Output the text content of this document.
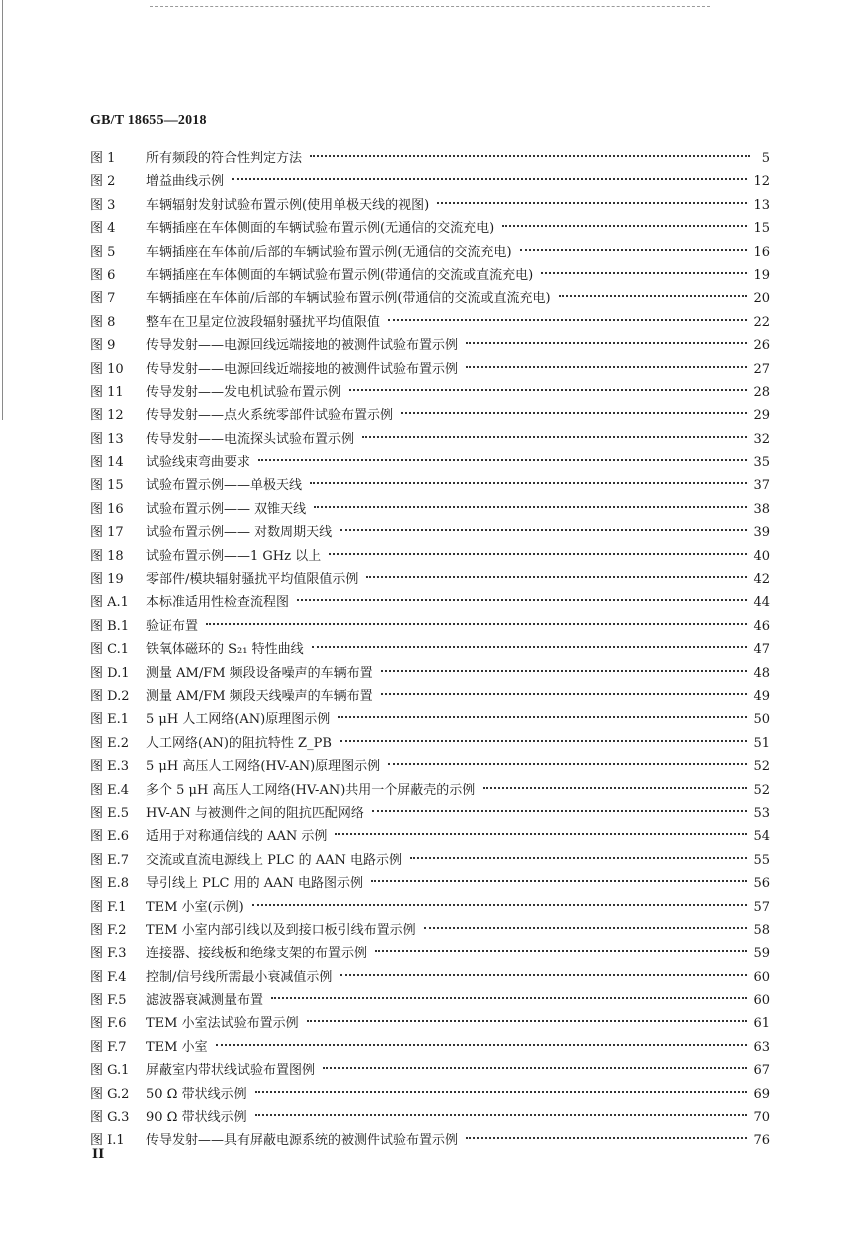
GB/T 18655—2018
图 1	所有频段的符合性判定方法	5
图 2	增益曲线示例	12
图 3	车辆辐射发射试验布置示例(使用单极天线的视图)	13
图 4	车辆插座在车体侧面的车辆试验布置示例(无通信的交流充电)	15
图 5	车辆插座在车体前/后部的车辆试验布置示例(无通信的交流充电)	16
图 6	车辆插座在车体侧面的车辆试验布置示例(带通信的交流或直流充电)	19
图 7	车辆插座在车体前/后部的车辆试验布置示例(带通信的交流或直流充电)	20
图 8	整车在卫星定位波段辐射骚扰平均值限值	22
图 9	传导发射——电源回线远端接地的被测件试验布置示例	26
图 10	传导发射——电源回线近端接地的被测件试验布置示例	27
图 11	传导发射——发电机试验布置示例	28
图 12	传导发射——点火系统零部件试验布置示例	29
图 13	传导发射——电流探头试验布置示例	32
图 14	试验线束弯曲要求	35
图 15	试验布置示例——单极天线	37
图 16	试验布置示例—— 双锥天线	38
图 17	试验布置示例—— 对数周期天线	39
图 18	试验布置示例——1 GHz 以上	40
图 19	零部件/模块辐射骚扰平均值限值示例	42
图 A.1	本标准适用性检查流程图	44
图 B.1	验证布置	46
图 C.1	铁氧体磁环的 S₂₁ 特性曲线	47
图 D.1	测量 AM/FM 频段设备噪声的车辆布置	48
图 D.2	测量 AM/FM 频段天线噪声的车辆布置	49
图 E.1	5 μH 人工网络(AN)原理图示例	50
图 E.2	人工网络(AN)的阻抗特性 Z_PB	51
图 E.3	5 μH 高压人工网络(HV-AN)原理图示例	52
图 E.4	多个 5 μH 高压人工网络(HV-AN)共用一个屏蔽壳的示例	52
图 E.5	HV-AN 与被测件之间的阻抗匹配网络	53
图 E.6	适用于对称通信线的 AAN 示例	54
图 E.7	交流或直流电源线上 PLC 的 AAN 电路示例	55
图 E.8	导引线上 PLC 用的 AAN 电路图示例	56
图 F.1	TEM 小室(示例)	57
图 F.2	TEM 小室内部引线以及到接口板引线布置示例	58
图 F.3	连接器、接线板和绝缘支架的布置示例	59
图 F.4	控制/信号线所需最小衰减值示例	60
图 F.5	滤波器衰减测量布置	60
图 F.6	TEM 小室法试验布置示例	61
图 F.7	TEM 小室	63
图 G.1	屏蔽室内带状线试验布置图例	67
图 G.2	50 Ω 带状线示例	69
图 G.3	90 Ω 带状线示例	70
图 I.1	传导发射——具有屏蔽电源系统的被测件试验布置示例	76
II
